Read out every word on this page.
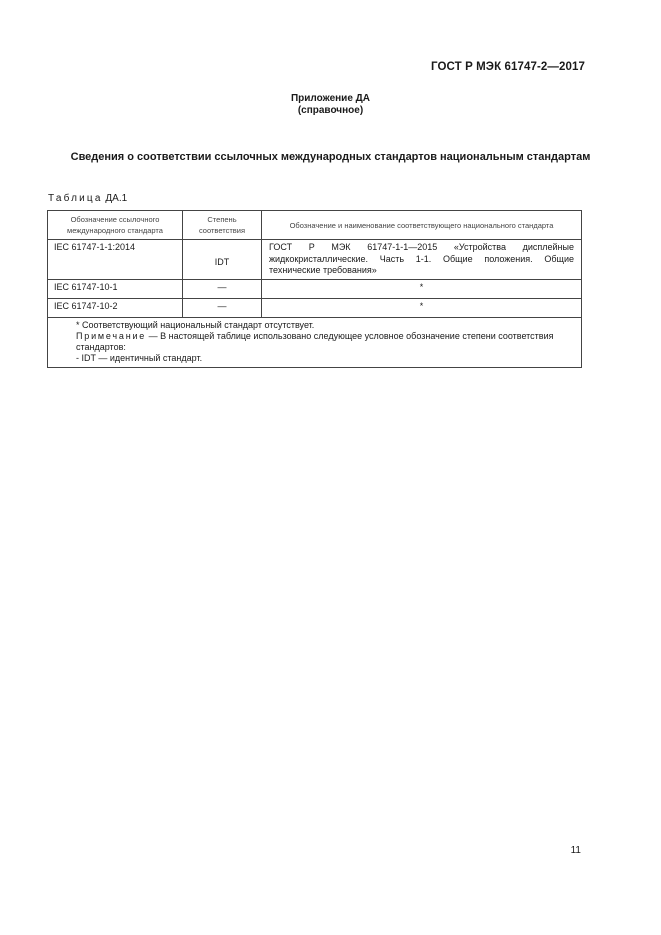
ГОСТ Р МЭК 61747-2—2017
Приложение ДА
(справочное)
Сведения о соответствии ссылочных международных стандартов национальным стандартам
Таблица ДА.1
Обозначение ссылочного международного стандарта	Степень соответствия	Обозначение и наименование соответствующего национального стандарта
IEC 61747-1-1:2014	IDT	ГОСТ Р МЭК 61747-1-1—2015 «Устройства дисплейные жидкокристаллические. Часть 1-1. Общие положения. Общие технические требования»
IEC 61747-10-1	—	*
IEC 61747-10-2	—	*

* Соответствующий национальный стандарт отсутствует.
Примечание — В настоящей таблице использовано следующее условное обозначение степени соответствия стандартов:
- IDT — идентичный стандарт.		
11
